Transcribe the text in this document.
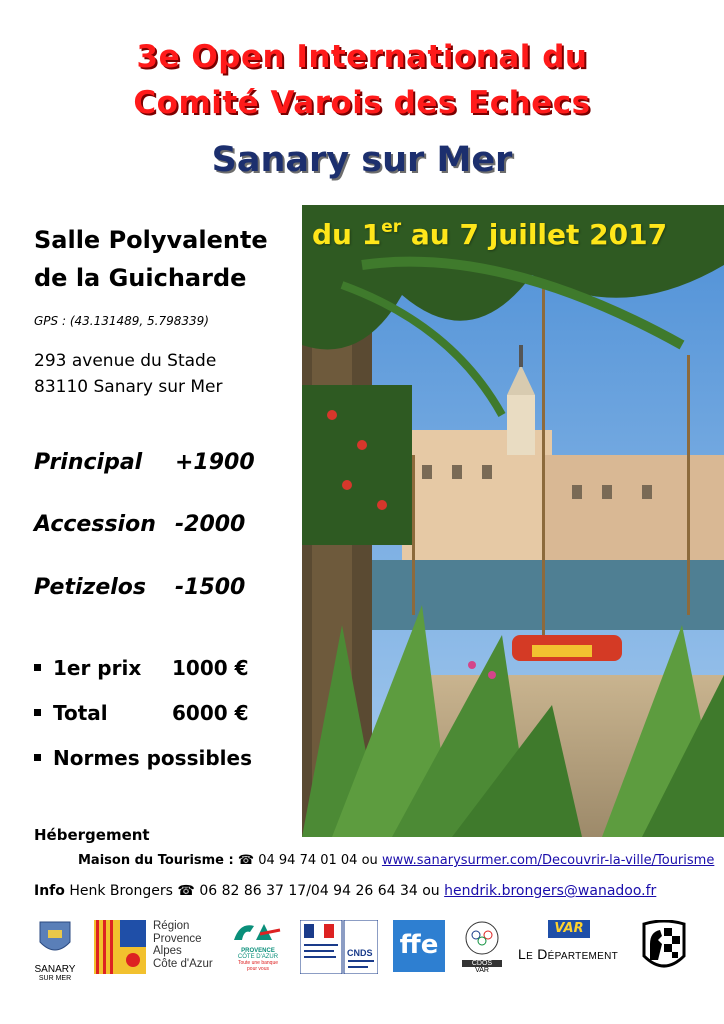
3e Open International du
Comité Varois des Echecs
Sanary sur Mer
Salle Polyvalente
de la Guicharde
GPS : (43.131489, 5.798339)
293 avenue du Stade
83110 Sanary sur Mer
Principal +1900
Accession -2000
Petizelos -1500
1er prix 1000 €
Total	6000 €
Normes possibles
du 1er au 7 juillet 2017
Hébergement
Maison du Tourisme : ☎ 04 94 74 01 04 ou www.sanarysurmer.com/Decouvrir-la-ville/Tourisme
Info Henk Brongers ☎ 06 82 86 37 17/04 94 26 64 34 ou hendrik.brongers@wanadoo.fr
SANARY
SUR MER
Région
Provence
Alpes
Côte d'Azur
PROVENCE
CÔTE D'AZUR
Toute une banque
pour vous
CNDS ffe
CDOS
VAR
VAR
Le Département
